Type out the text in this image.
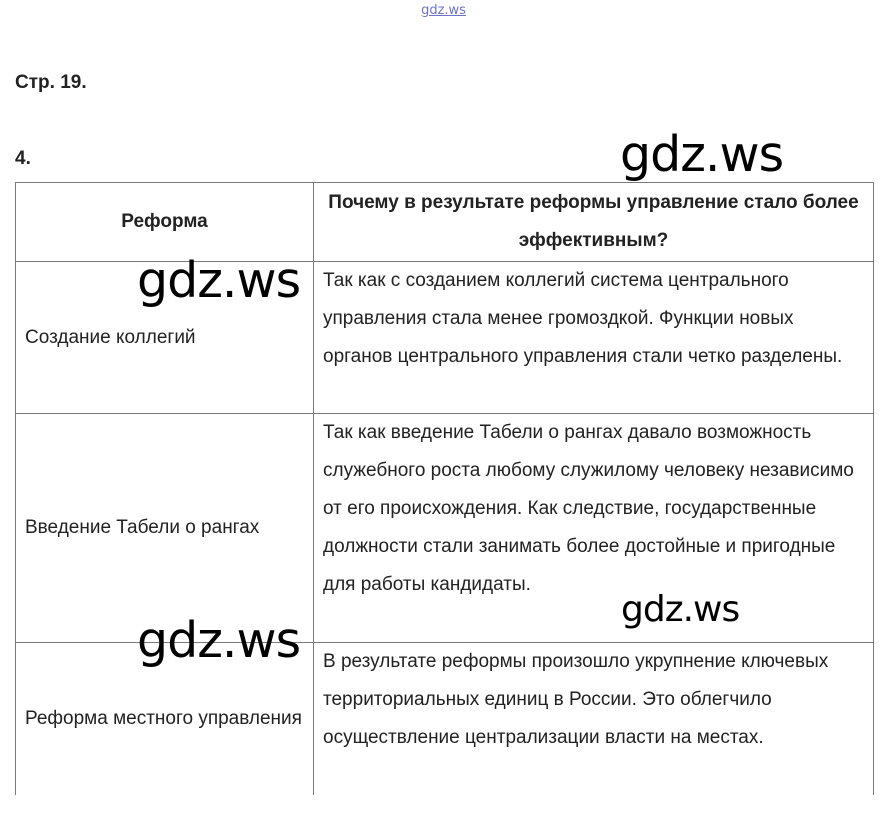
gdz.ws
Стр. 19.
4.
Реформа	Почему в результате реформы управление стало более эффективным?
Создание коллегий	Так как с созданием коллегий система центрального управления стала менее громоздкой. Функции новых органов центрального управления стали четко разделены.
Введение Табели о рангах	Так как введение Табели о рангах давало возможность служебного роста любому служилому человеку независимо от его происхождения. Как следствие, государственные должности стали занимать более достойные и пригодные для работы кандидаты.
Реформа местного управления	В результате реформы произошло укрупнение ключевых территориальных единиц в России. Это облегчило осуществление централизации власти на местах.
gdz.ws
gdz.ws
gdz.ws
gdz.ws
